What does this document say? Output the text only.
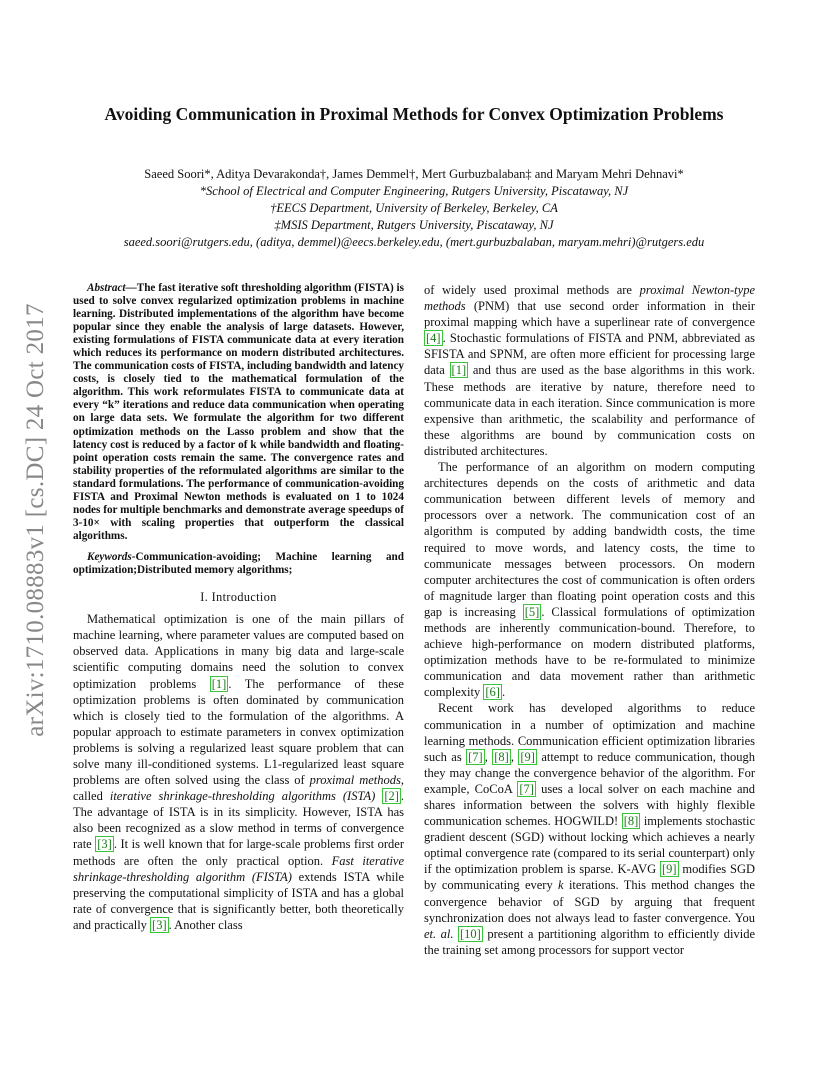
arXiv:1710.08883v1 [cs.DC] 24 Oct 2017
Avoiding Communication in Proximal Methods for Convex Optimization Problems
Saeed Soori*, Aditya Devarakonda†, James Demmel†, Mert Gurbuzbalaban‡ and Maryam Mehri Dehnavi*
*School of Electrical and Computer Engineering, Rutgers University, Piscataway, NJ
†EECS Department, University of Berkeley, Berkeley, CA
‡MSIS Department, Rutgers University, Piscataway, NJ
saeed.soori@rutgers.edu, (aditya, demmel)@eecs.berkeley.edu, (mert.gurbuzbalaban, maryam.mehri)@rutgers.edu

Abstract—The fast iterative soft thresholding algorithm (FISTA) is used to solve convex regularized optimization problems in machine learning. Distributed implementations of the algorithm have become popular since they enable the analysis of large datasets. However, existing formulations of FISTA communicate data at every iteration which reduces its performance on modern distributed architectures. The communication costs of FISTA, including bandwidth and latency costs, is closely tied to the mathematical formulation of the algorithm. This work reformulates FISTA to communicate data at every “k” iterations and reduce data communication when operating on large data sets. We formulate the algorithm for two different optimization methods on the Lasso problem and show that the latency cost is reduced by a factor of k while bandwidth and floating-point operation costs remain the same. The convergence rates and stability properties of the reformulated algorithms are similar to the standard formulations. The performance of communication-avoiding FISTA and Proximal Newton methods is evaluated on 1 to 1024 nodes for multiple benchmarks and demonstrate average speedups of 3-10× with scaling properties that outperform the classical algorithms.

Keywords-Communication-avoiding; Machine learning and optimization;Distributed memory algorithms;

I. Introduction

Mathematical optimization is one of the main pillars of machine learning, where parameter values are computed based on observed data. Applications in many big data and large-scale scientific computing domains need the solution to convex optimization problems [1] . The performance of these optimization problems is often dominated by communication which is closely tied to the formulation of the algorithms. A popular approach to estimate parameters in convex optimization problems is solving a regularized least square problem that can solve many ill-conditioned systems. L1-regularized least square problems are often solved using the class of proximal methods, called iterative shrinkage-thresholding algorithms (ISTA) [2] . The advantage of ISTA is in its simplicity. However, ISTA has also been recognized as a slow method in terms of convergence rate [3] . It is well known that for large-scale problems first order methods are often the only practical option. Fast iterative shrinkage-thresholding algorithm (FISTA) extends ISTA while preserving the computational simplicity of ISTA and has a global rate of convergence that is significantly better, both theoretically and practically [3] . Another class

of widely used proximal methods are proximal Newton-type methods (PNM) that use second order information in their proximal mapping which have a superlinear rate of convergence [4] . Stochastic formulations of FISTA and PNM, abbreviated as SFISTA and SPNM, are often more efficient for processing large data [1] and thus are used as the base algorithms in this work. These methods are iterative by nature, therefore need to communicate data in each iteration. Since communication is more expensive than arithmetic, the scalability and performance of these algorithms are bound by communication costs on distributed architectures.

The performance of an algorithm on modern computing architectures depends on the costs of arithmetic and data communication between different levels of memory and processors over a network. The communication cost of an algorithm is computed by adding bandwidth costs, the time required to move words, and latency costs, the time to communicate messages between processors. On modern computer architectures the cost of communication is often orders of magnitude larger than floating point operation costs and this gap is increasing [5] . Classical formulations of optimization methods are inherently communication-bound. Therefore, to achieve high-performance on modern distributed platforms, optimization methods have to be re-formulated to minimize communication and data movement rather than arithmetic complexity [6] .

Recent work has developed algorithms to reduce communication in a number of optimization and machine learning methods. Communication efficient optimization libraries such as [7] , [8] , [9] attempt to reduce communication, though they may change the convergence behavior of the algorithm. For example, CoCoA [7] uses a local solver on each machine and shares information between the solvers with highly flexible communication schemes. HOGWILD! [8] implements stochastic gradient descent (SGD) without locking which achieves a nearly optimal convergence rate (compared to its serial counterpart) only if the optimization problem is sparse. K-AVG [9] modifies SGD by communicating every k iterations. This method changes the convergence behavior of SGD by arguing that frequent synchronization does not always lead to faster convergence. You et. al. [10] present a partitioning algorithm to efficiently divide the training set among processors for support vector
